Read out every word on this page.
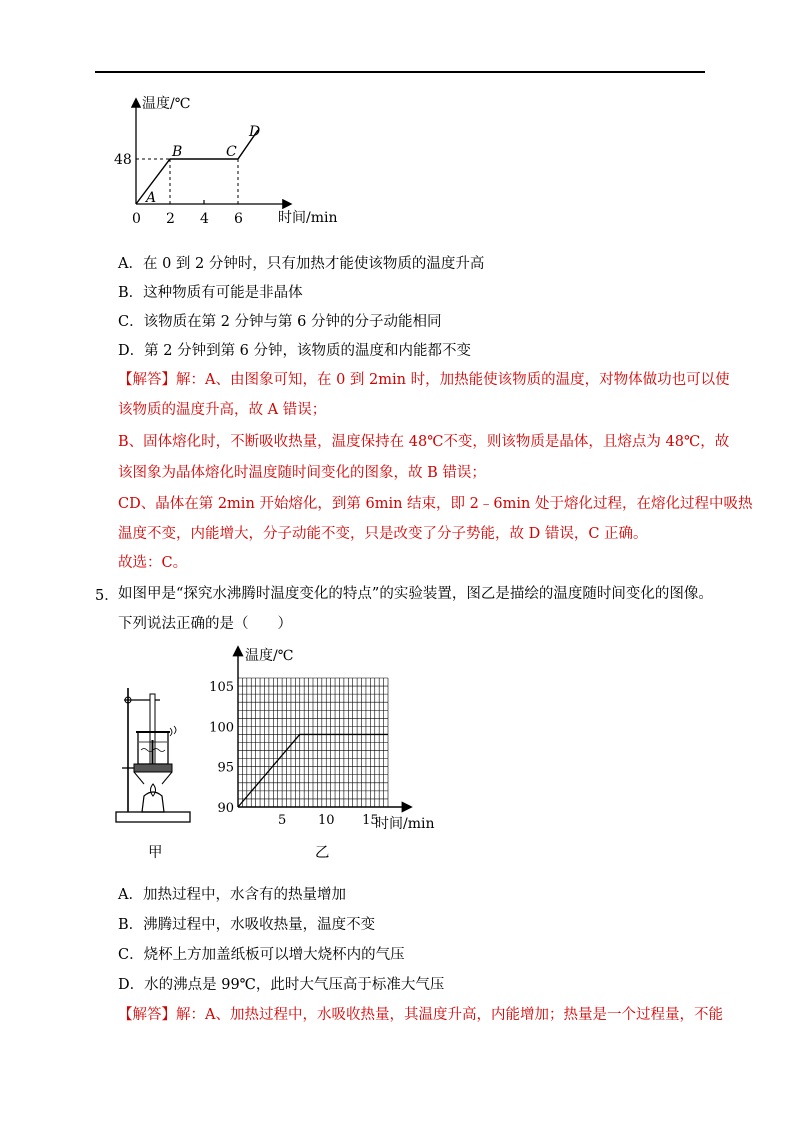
温度/℃
时间/min
48
0 2 4 6
A
B	C
D
A．在 0 到 2 分钟时，只有加热才能使该物质的温度升高
B．这种物质有可能是非晶体
C．该物质在第 2 分钟与第 6 分钟的分子动能相同
D．第 2 分钟到第 6 分钟，该物质的温度和内能都不变
【解答】解：A、由图象可知，在 0 到 2min 时，加热能使该物质的温度，对物体做功也可以使
该物质的温度升高，故 A 错误；
B、固体熔化时，不断吸收热量，温度保持在 48℃不变，则该物质是晶体，且熔点为 48℃，故
该图象为晶体熔化时温度随时间变化的图象，故 B 错误；
CD、晶体在第 2min 开始熔化，到第 6min 结束，即 2﹣6min 处于熔化过程，在熔化过程中吸热
温度不变，内能增大，分子动能不变，只是改变了分子势能，故 D 错误，C 正确。
故选：C。
5． 如图甲是“探究水沸腾时温度变化的特点”的实验装置，图乙是描绘的温度随时间变化的图像。
下列说法正确的是（　　）
甲
温度/℃
时间/min
90
95
100
105
5 10 15
乙
A．加热过程中，水含有的热量增加
B．沸腾过程中，水吸收热量，温度不变
C．烧杯上方加盖纸板可以增大烧杯内的气压
D．水的沸点是 99℃，此时大气压高于标准大气压
【解答】解：A、加热过程中，水吸收热量，其温度升高，内能增加；热量是一个过程量，不能
